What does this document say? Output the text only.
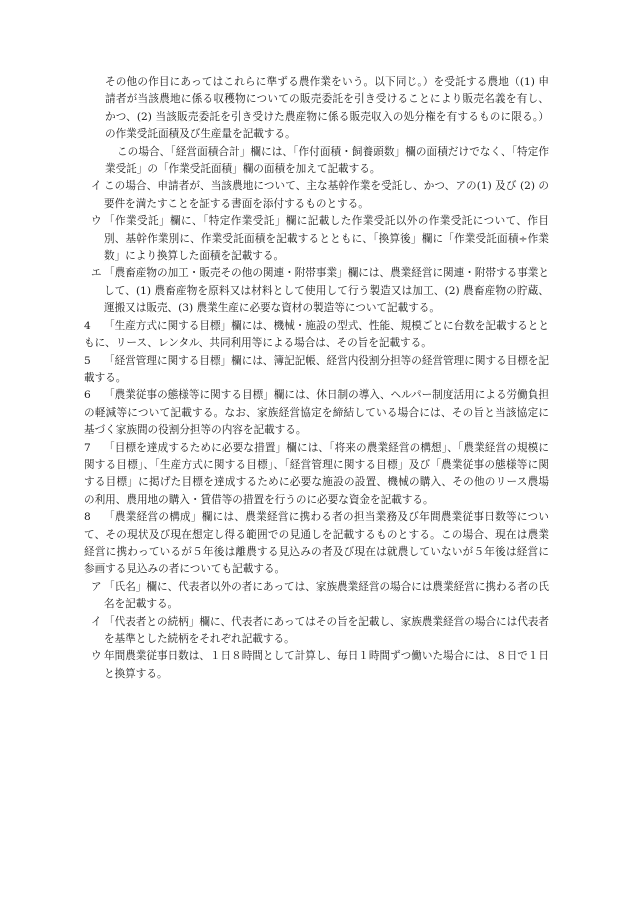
その他の作目にあってはこれらに準ずる農作業をいう。以下同じ。）を受託する農地（(1) 申請者が当該農地に係る収穫物についての販売委託を引き受けることにより販売名義を有し、かつ、(2) 当該販売委託を引き受けた農産物に係る販売収入の処分権を有するものに限る。）の作業受託面積及び生産量を記載する。
この場合、「経営面積合計」欄には、「作付面積・飼養頭数」欄の面積だけでなく、「特定作業受託」の「作業受託面積」欄の面積を加えて記載する。
イ この場合、申請者が、当該農地について、主な基幹作業を受託し、かつ、アの(1) 及び (2) の要件を満たすことを証する書面を添付するものとする。
ウ 「作業受託」欄に、「特定作業受託」欄に記載した作業受託以外の作業受託について、作目別、基幹作業別に、作業受託面積を記載するとともに、「換算後」欄に「作業受託面積÷作業数」により換算した面積を記載する。
エ 「農畜産物の加工・販売その他の関連・附帯事業」欄には、農業経営に関連・附帯する事業として、(1) 農畜産物を原料又は材料として使用して行う製造又は加工、(2) 農畜産物の貯蔵、運搬又は販売、(3) 農業生産に必要な資材の製造等について記載する。
4	「生産方式に関する目標」欄には、機械・施設の型式、性能、規模ごとに台数を記載するとともに、リース、レンタル、共同利用等による場合は、その旨を記載する。
5	「経営管理に関する目標」欄には、簿記記帳、経営内役割分担等の経営管理に関する目標を記載する。
6	「農業従事の態様等に関する目標」欄には、休日制の導入、ヘルパー制度活用による労働負担の軽減等について記載する。なお、家族経営協定を締結している場合には、その旨と当該協定に基づく家族間の役割分担等の内容を記載する。
7	「目標を達成するために必要な措置」欄には、「将来の農業経営の構想」、「農業経営の規模に関する目標」、「生産方式に関する目標」、「経営管理に関する目標」及び「農業従事の態様等に関する目標」に掲げた目標を達成するために必要な施設の設置、機械の購入、その他のリース農場の利用、農用地の購入・賃借等の措置を行うのに必要な資金を記載する。
8	「農業経営の構成」欄には、農業経営に携わる者の担当業務及び年間農業従事日数等について、その現状及び現在想定し得る範囲での見通しを記載するものとする。この場合、現在は農業経営に携わっているが５年後は離農する見込みの者及び現在は就農していないが５年後は経営に参画する見込みの者についても記載する。
ア 「氏名」欄に、代表者以外の者にあっては、家族農業経営の場合には農業経営に携わる者の氏名を記載する。
イ 「代表者との続柄」欄に、代表者にあってはその旨を記載し、家族農業経営の場合には代表者を基準とした続柄をそれぞれ記載する。
ウ 年間農業従事日数は、１日８時間として計算し、毎日１時間ずつ働いた場合には、８日で１日と換算する。
